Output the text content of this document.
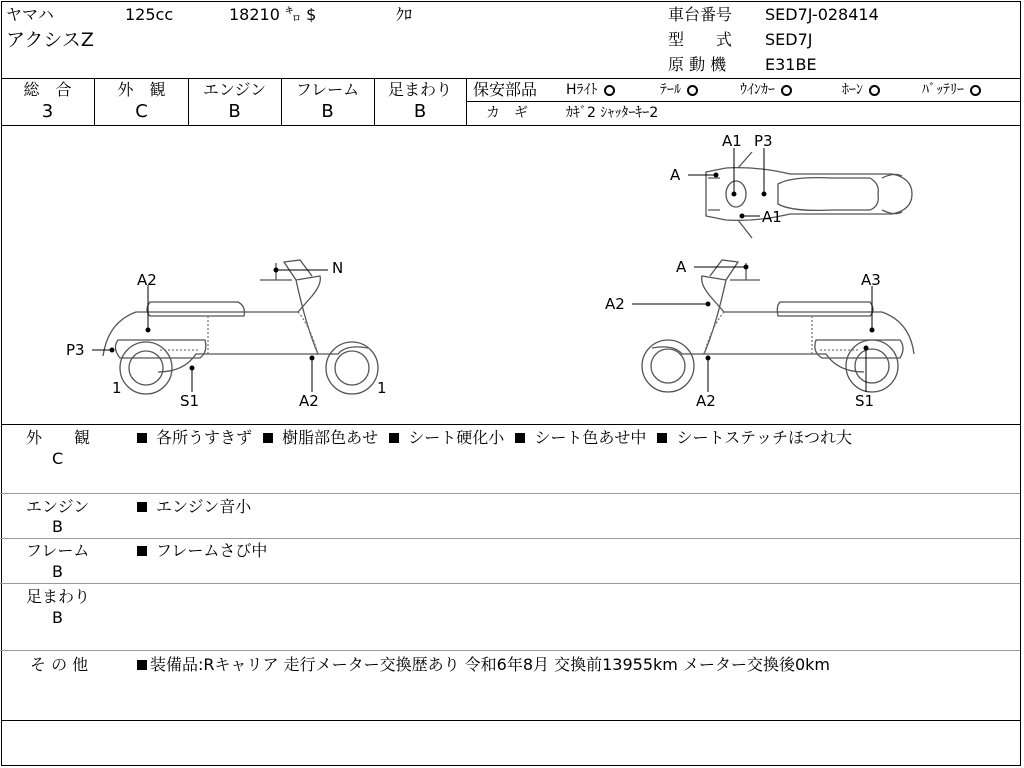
ヤマハ	125cc	18210 ㌔ $	ｸﾛ
アクシスZ
車台番号 SED7J-028414
型　　式 SED7J
原 動 機 E31BE
総　合
3
外　観
C
エンジン
B
フレーム
B
足まわり
B
保安部品 Hﾗｲﾄ	ﾃｰﾙ	ｳｲﾝｶｰ	ﾎｰﾝ	ﾊﾞｯﾃﾘｰ
カ　ギ	ｶｷﾞ2 ｼｬｯﾀｰｷｰ2
A2
P3
1
S1	A2
1
N
A1 P3
A
A1
A
A2
A3
A2	S1
外　　観
C
各所うすきず 樹脂部色あせ シート硬化小 シート色あせ中 シートステッチほつれ大
エンジン
B
エンジン音小
フレーム
B
フレームさび中
足まわり
B
そ の 他	装備品:Rキャリア 走行メーター交換歴あり 令和6年8月 交換前13955km メーター交換後0km
